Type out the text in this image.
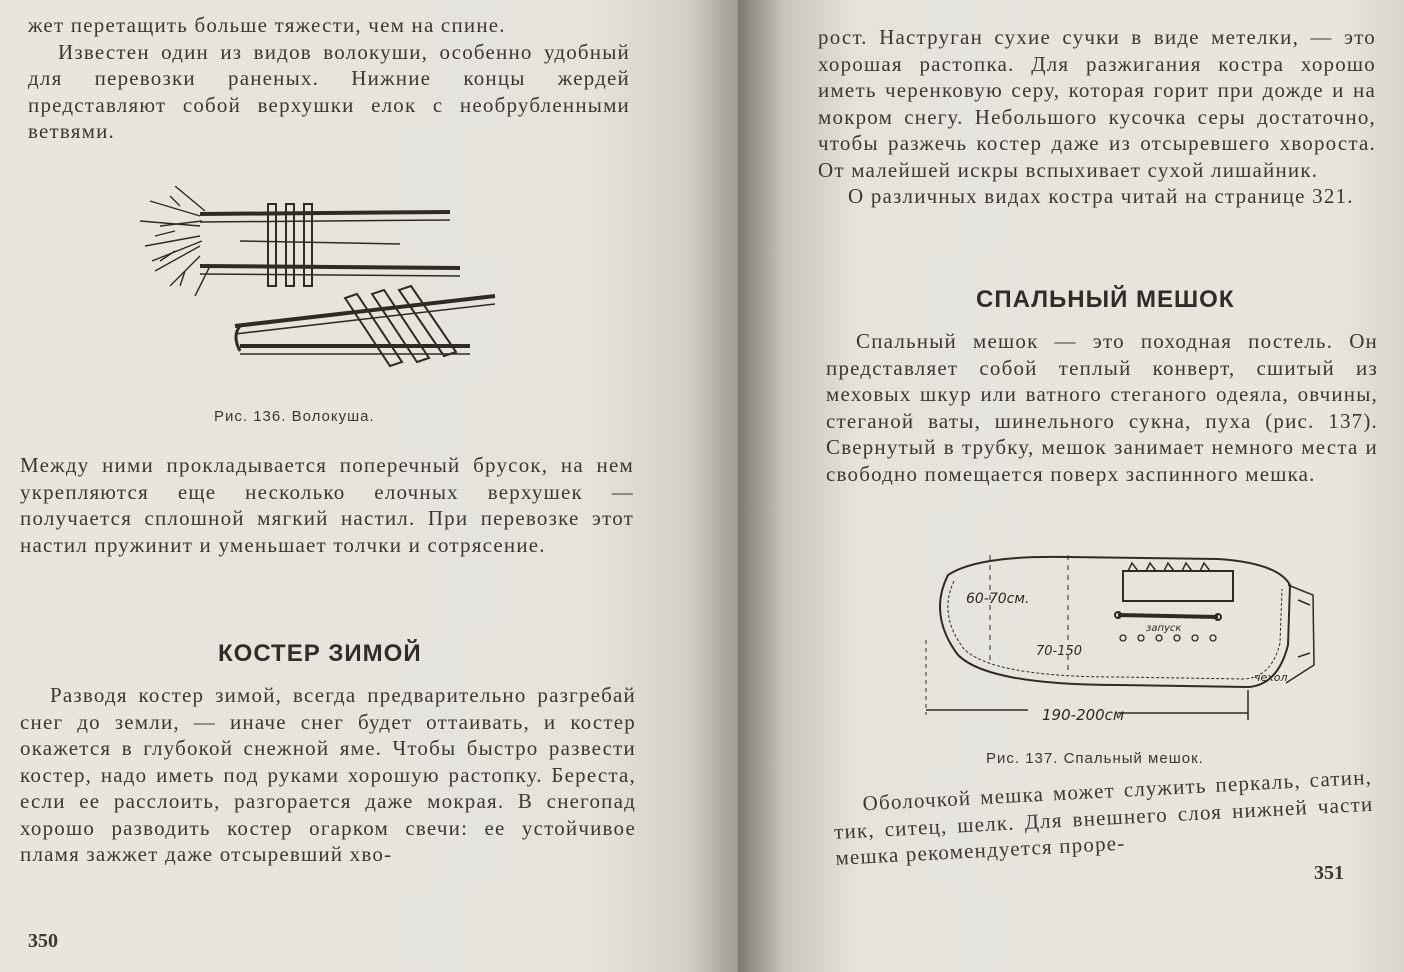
жет перетащить больше тяжести, чем на спине.

Известен один из видов волокуши, особенно удобный для перевозки раненых. Нижние концы жердей представляют собой верхушки елок с необрубленными ветвями.

Рис. 136. Волокуша.

Между ними прокладывается поперечный брусок, на нем укрепляются еще несколько елочных верхушек — получается сплошной мягкий настил. При перевозке этот настил пружинит и уменьшает толчки и сотрясение.

КОСТЕР ЗИМОЙ

Разводя костер зимой, всегда предварительно разгребай снег до земли, — иначе снег будет оттаивать, и костер окажется в глубокой снежной яме. Чтобы быстро развести костер, надо иметь под руками хорошую растопку. Береста, если ее расслоить, разгорается даже мокрая. В снегопад хорошо разводить костер огарком свечи: ее устойчивое пламя зажжет даже отсыревший хво-

350

рост. Наструган сухие сучки в виде метелки, — это хорошая растопка. Для разжигания костра хорошо иметь черенковую серу, которая горит при дожде и на мокром снегу. Небольшого кусочка серы достаточно, чтобы разжечь костер даже из отсыревшего хвороста. От малейшей искры вспыхивает сухой лишайник.

О различных видах костра читай на странице 321.

СПАЛЬНЫЙ МЕШОК

Спальный мешок — это походная постель. Он представляет собой теплый конверт, сшитый из меховых шкур или ватного стеганого одеяла, овчины, стеганой ваты, шинельного сукна, пуха (рис. 137). Свернутый в трубку, мешок занимает немного места и свободно помещается поверх заспинного мешка.

60-70см.
70-150
190-200см
запуск
чехол
Рис. 137. Спальный мешок.

Оболочкой мешка может служить перкаль, сатин, тик, ситец, шелк. Для внешнего слоя нижней части мешка рекомендуется проре-

351
